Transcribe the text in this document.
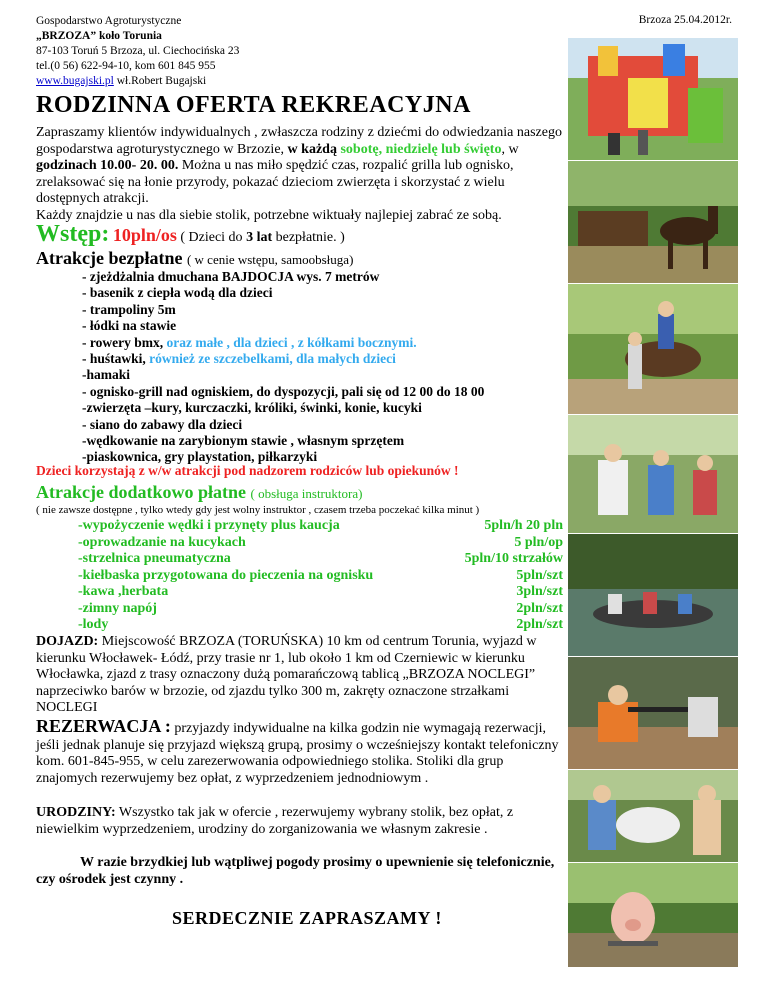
Gospodarstwo Agroturystyczne
„BRZOZA” koło Torunia
87-103 Toruń 5 Brzoza, ul. Ciechocińska 23
tel.(0 56) 622-94-10, kom 601 845 955
www.bugajski.pl wł.Robert Bugajski
Brzoza 25.04.2012r.
RODZINNA OFERTA REKREACYJNA
Zapraszamy klientów indywidualnych , zwłaszcza rodziny z dziećmi do odwiedzania naszego gospodarstwa agroturystycznego w Brzozie, w każdą sobotę, niedzielę lub święto, w godzinach 10.00- 20. 00. Można u nas miło spędzić czas, rozpalić grilla lub ognisko, zrelaksować się na łonie przyrody, pokazać dzieciom zwierzęta i skorzystać z wielu dostępnych atrakcji.
Każdy znajdzie u nas dla siebie stolik, potrzebne wiktuały najlepiej zabrać ze sobą.
Wstęp: 10pln/os ( Dzieci do 3 lat bezpłatnie. )
Atrakcje bezpłatne ( w cenie wstępu, samoobsługa)
- zjeżdżalnia dmuchana BAJDOCJA wys. 7 metrów
- basenik z ciepła wodą dla dzieci
- trampoliny 5m
- łódki na stawie
- rowery bmx, oraz małe , dla dzieci , z kółkami bocznymi.
- huśtawki, również ze szczebelkami, dla małych dzieci
-hamaki
- ognisko-grill nad ogniskiem, do dyspozycji, pali się od 12 00 do 18 00
-zwierzęta –kury, kurczaczki, króliki, świnki, konie, kucyki
- siano do zabawy dla dzieci
-wędkowanie na zarybionym stawie , własnym sprzętem
-piaskownica, gry playstation, piłkarzyki
Dzieci korzystają z w/w atrakcji pod nadzorem rodziców lub opiekunów !
Atrakcje dodatkowo płatne ( obsługa instruktora)
( nie zawsze dostępne , tylko wtedy gdy jest wolny instruktor , czasem trzeba poczekać kilka minut )
-wypożyczenie wędki i przynęty plus kaucja	5pln/h 20 pln
-oprowadzanie na kucykach	5 pln/op
-strzelnica pneumatyczna	5pln/10 strzałów
-kiełbaska przygotowana do pieczenia na ognisku	5pln/szt
-kawa ,herbata	3pln/szt
-zimny napój	2pln/szt
-lody	2pln/szt
DOJAZD: Miejscowość BRZOZA (TORUŃSKA) 10 km od centrum Torunia, wyjazd w kierunku Włocławek- Łódź, przy trasie nr 1, lub około 1 km od Czerniewic w kierunku Włocławka, zjazd z trasy oznaczony dużą pomarańczową tablicą „BRZOZA NOCLEGI” naprzeciwko barów w brzozie, od zjazdu tylko 300 m, zakręty oznaczone strzałkami NOCLEGI
REZERWACJA : przyjazdy indywidualne na kilka godzin nie wymagają rezerwacji, jeśli jednak planuje się przyjazd większą grupą, prosimy o wcześniejszy kontakt telefoniczny kom. 601-845-955, w celu zarezerwowania odpowiedniego stolika. Stoliki dla grup znajomych rezerwujemy bez opłat, z wyprzedzeniem jednodniowym .
URODZINY: Wszystko tak jak w ofercie , rezerwujemy wybrany stolik, bez opłat, z niewielkim wyprzedzeniem, urodziny do zorganizowania we własnym zakresie .
W razie brzydkiej lub wątpliwej pogody prosimy o upewnienie się telefonicznie, czy ośrodek jest czynny .
SERDECZNIE ZAPRASZAMY !
